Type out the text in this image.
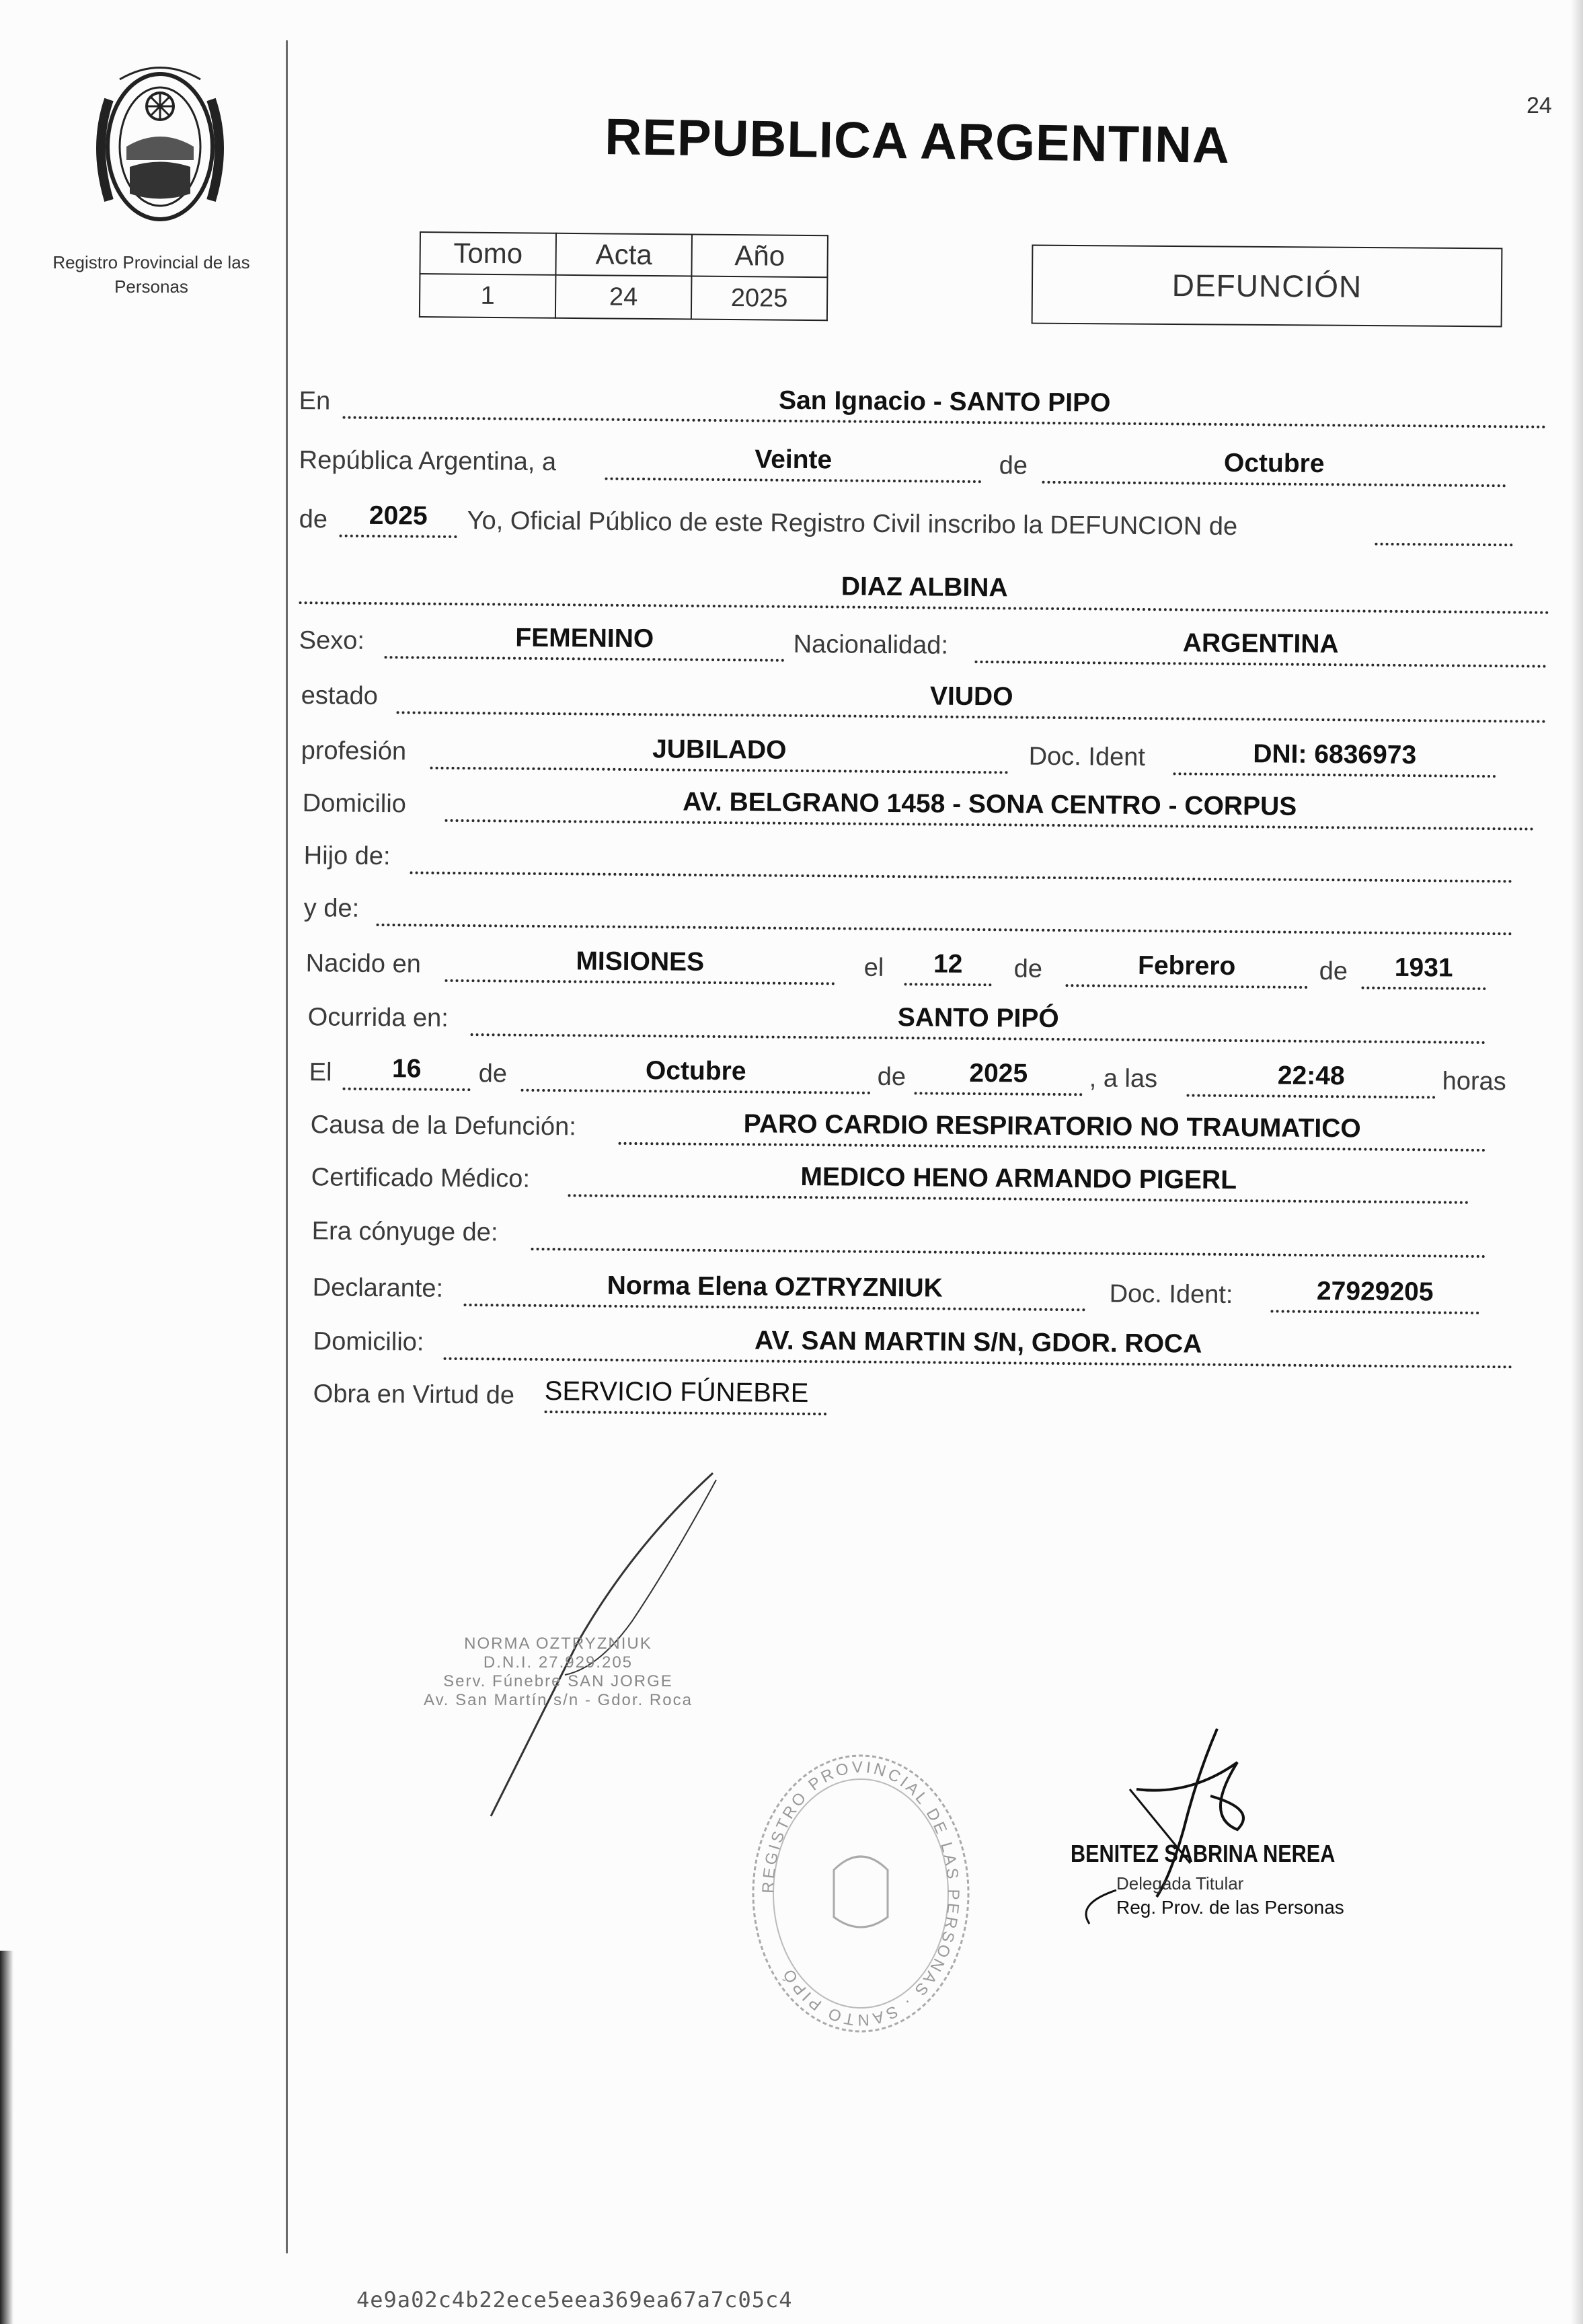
Registro Provincial de las Personas
24
REPUBLICA ARGENTINA
Tomo	Acta	Año
1	24	2025	DEFUNCIÓN
En	San Ignacio - SANTO PIPO
República Argentina, a	Veinte	de	Octubre
de 2025 Yo, Oficial Público de este Registro Civil inscribo la DEFUNCION de
DIAZ ALBINA
Sexo:	FEMENINO	Nacionalidad:	ARGENTINA
estado	VIUDO
profesión	JUBILADO	Doc. Ident	DNI: 6836973
Domicilio	AV. BELGRANO 1458 - SONA CENTRO - CORPUS
Hijo de:
y de:
Nacido en	MISIONES	el 12 de	Febrero	de 1931
Ocurrida en:	SANTO PIPÓ
El 16 de	Octubre	de 2025 , a las	22:48	horas
Causa de la Defunción:	PARO CARDIO RESPIRATORIO NO TRAUMATICO
Certificado Médico:	MEDICO HENO ARMANDO PIGERL
Era cónyuge de:
Declarante:	Norma Elena OZTRYZNIUK	Doc. Ident:	27929205
Domicilio:	AV. SAN MARTIN S/N, GDOR. ROCA
Obra en Virtud de SERVICIO FÚNEBRE
NORMA OZTRYZNIUK
D.N.I. 27.929.205
Serv. Fúnebre SAN JORGE
Av. San Martín s/n - Gdor. Roca
REGISTRO PROVINCIAL DE LAS PERSONAS · SANTO PIPÓ
BENITEZ SABRINA NEREA
Delegada Titular
Reg. Prov. de las Personas
4e9a02c4b22ece5eea369ea67a7c05c4
